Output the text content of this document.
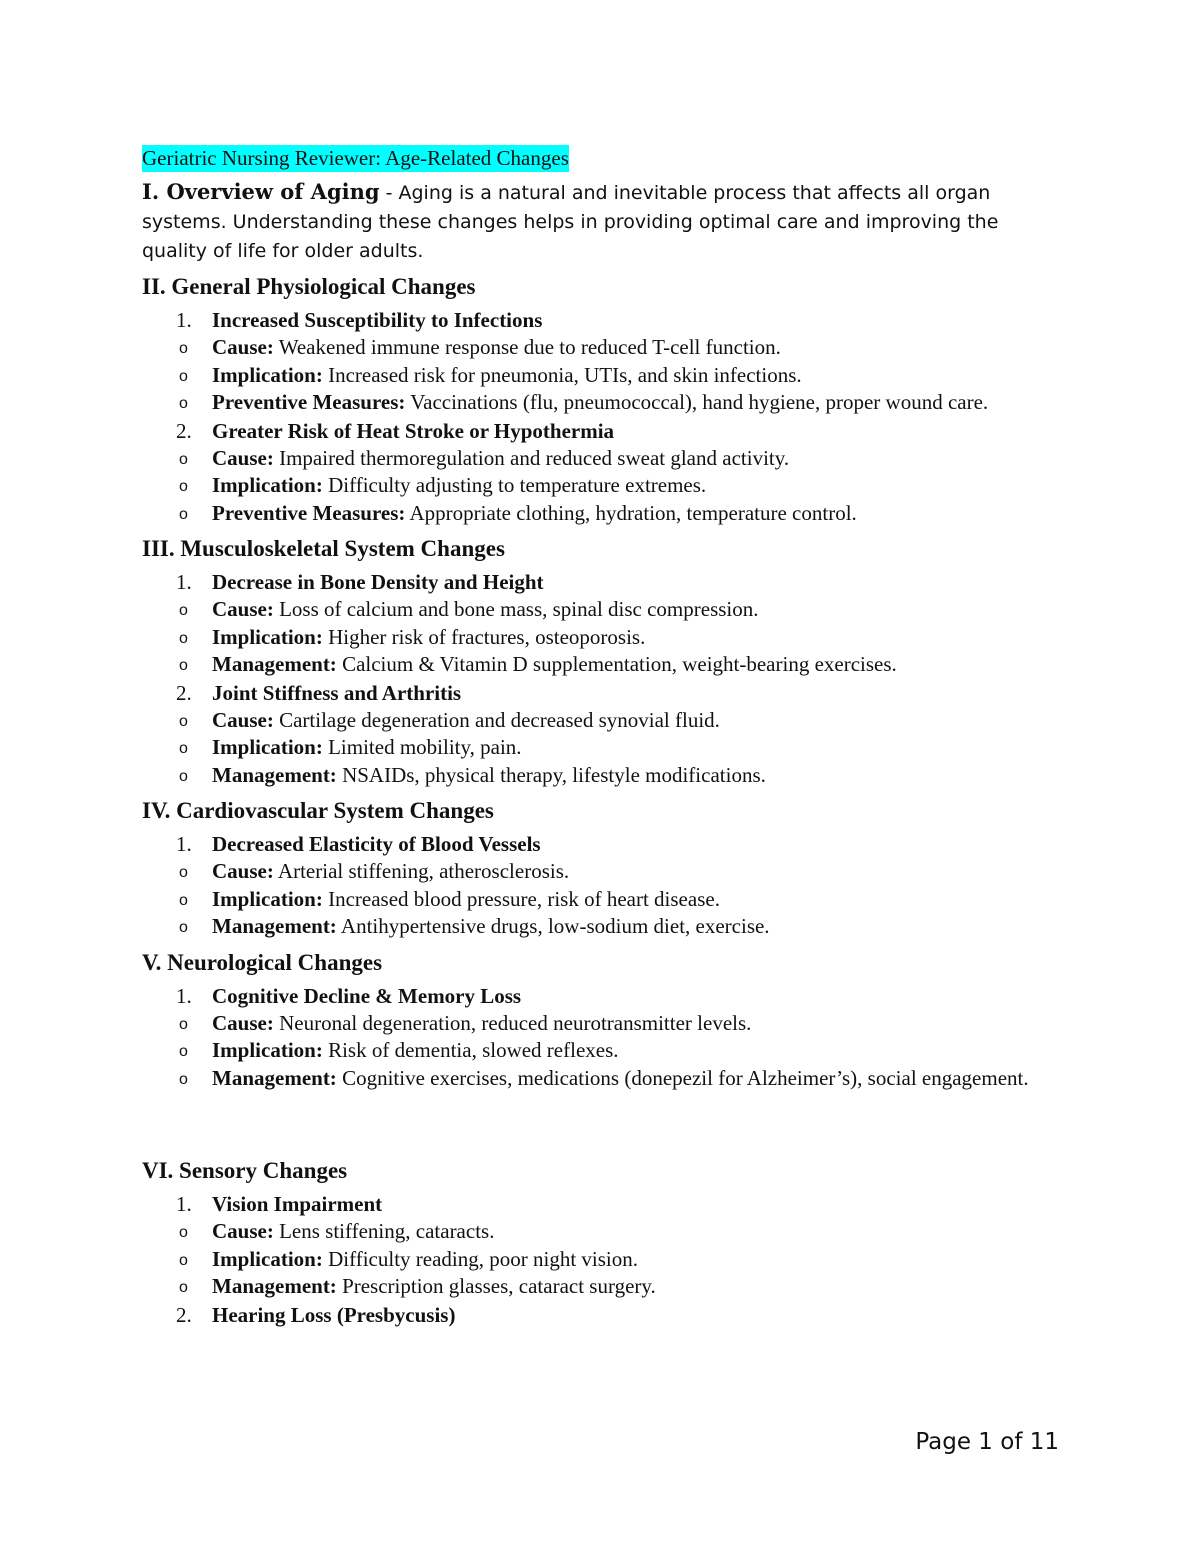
Geriatric Nursing Reviewer: Age-Related Changes
I. Overview of Aging - Aging is a natural and inevitable process that affects all organ systems. Understanding these changes helps in providing optimal care and improving the quality of life for older adults.
II. General Physiological Changes
1. Increased Susceptibility to Infections
o Cause: Weakened immune response due to reduced T-cell function.
o Implication: Increased risk for pneumonia, UTIs, and skin infections.
o Preventive Measures: Vaccinations (flu, pneumococcal), hand hygiene, proper wound care.
2. Greater Risk of Heat Stroke or Hypothermia
o Cause: Impaired thermoregulation and reduced sweat gland activity.
o Implication: Difficulty adjusting to temperature extremes.
o Preventive Measures: Appropriate clothing, hydration, temperature control.
III. Musculoskeletal System Changes
1. Decrease in Bone Density and Height
o Cause: Loss of calcium and bone mass, spinal disc compression.
o Implication: Higher risk of fractures, osteoporosis.
o Management: Calcium & Vitamin D supplementation, weight-bearing exercises.
2. Joint Stiffness and Arthritis
o Cause: Cartilage degeneration and decreased synovial fluid.
o Implication: Limited mobility, pain.
o Management: NSAIDs, physical therapy, lifestyle modifications.
IV. Cardiovascular System Changes
1. Decreased Elasticity of Blood Vessels
o Cause: Arterial stiffening, atherosclerosis.
o Implication: Increased blood pressure, risk of heart disease.
o Management: Antihypertensive drugs, low-sodium diet, exercise.
V. Neurological Changes
1. Cognitive Decline & Memory Loss
o Cause: Neuronal degeneration, reduced neurotransmitter levels.
o Implication: Risk of dementia, slowed reflexes.
o Management: Cognitive exercises, medications (donepezil for Alzheimer’s), social engagement.
VI. Sensory Changes
1. Vision Impairment
o Cause: Lens stiffening, cataracts.
o Implication: Difficulty reading, poor night vision.
o Management: Prescription glasses, cataract surgery.
2. Hearing Loss (Presbycusis)
Page 1 of 11
